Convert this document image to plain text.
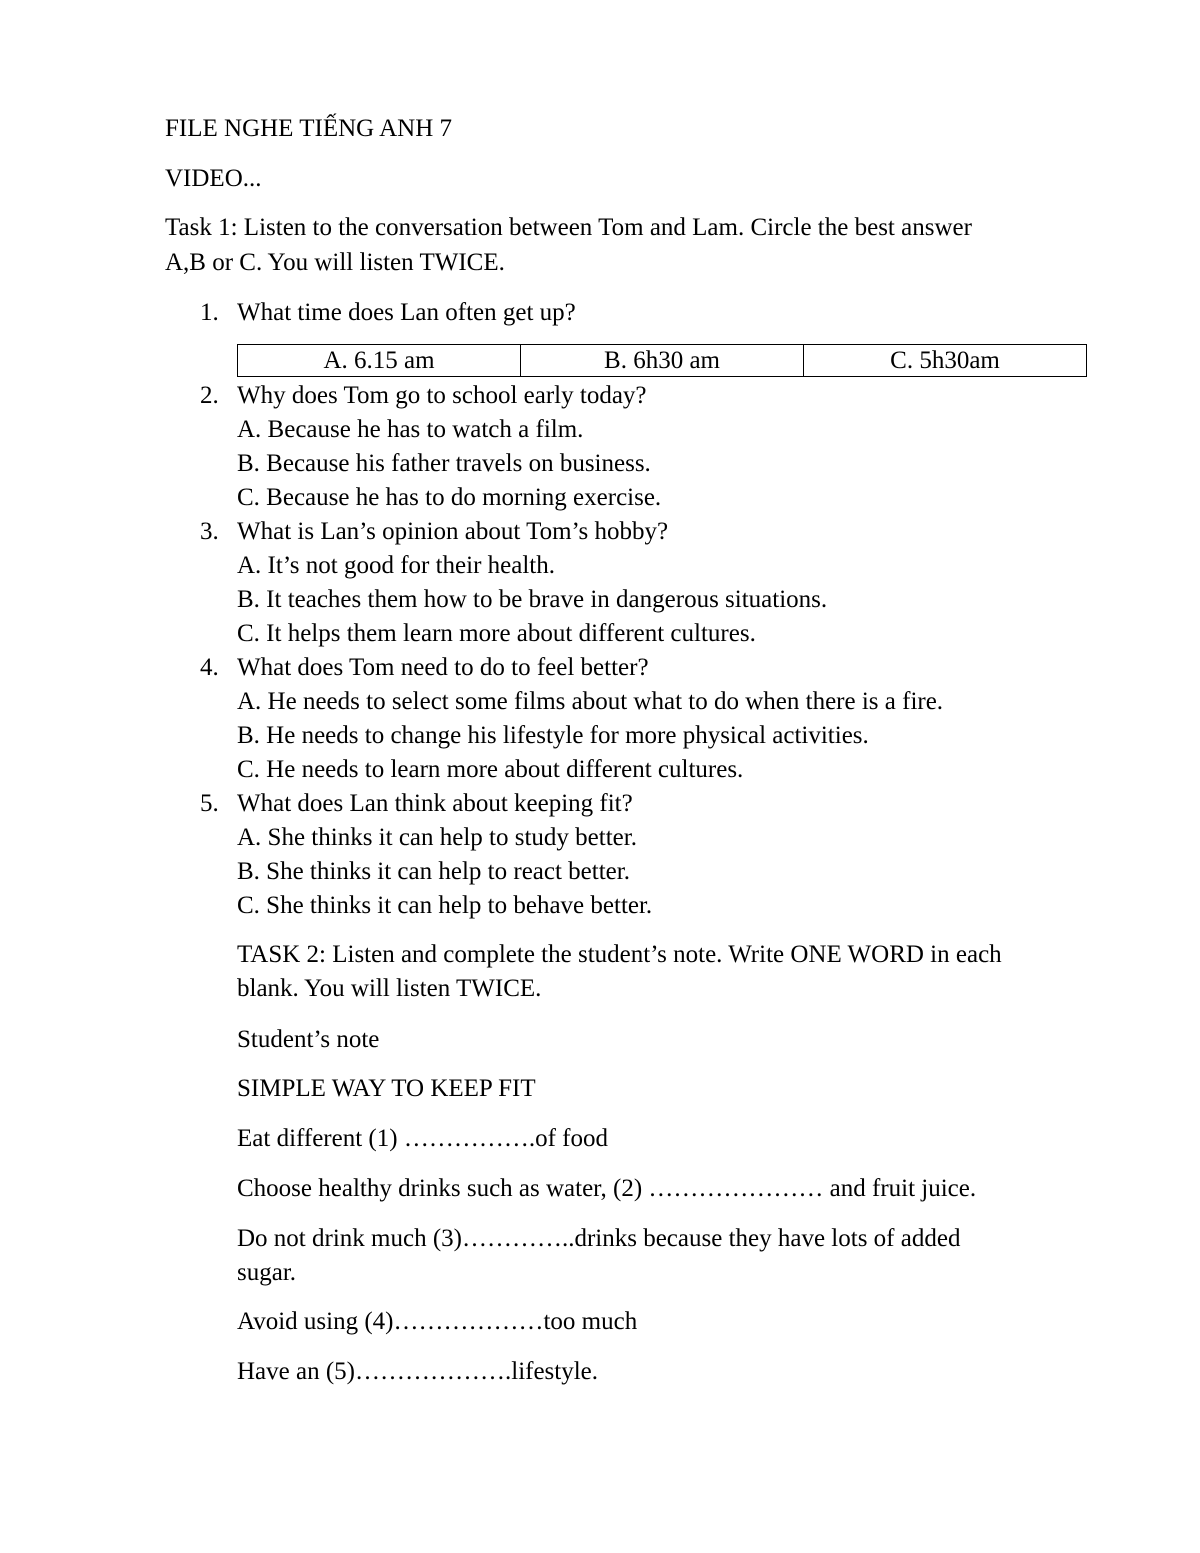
FILE NGHE TIẾNG ANH 7
VIDEO...
Task 1: Listen to the conversation between Tom and Lam. Circle the best answer
A,B or C. You will listen TWICE.
1. What time does Lan often get up?
A. 6.15 am	B. 6h30 am	C. 5h30am
2. Why does Tom go to school early today?
A. Because he has to watch a film.
B. Because his father travels on business.
C. Because he has to do morning exercise.
3. What is Lan’s opinion about Tom’s hobby?
A. It’s not good for their health.
B. It teaches them how to be brave in dangerous situations.
C. It helps them learn more about different cultures.
4. What does Tom need to do to feel better?
A. He needs to select some films about what to do when there is a fire.
B. He needs to change his lifestyle for more physical activities.
C. He needs to learn more about different cultures.
5. What does Lan think about keeping fit?
A. She thinks it can help to study better.
B. She thinks it can help to react better.
C. She thinks it can help to behave better.
TASK 2: Listen and complete the student’s note. Write ONE WORD in each
blank. You will listen TWICE.
Student’s note
SIMPLE WAY TO KEEP FIT
Eat different (1) …………….of food
Choose healthy drinks such as water, (2) ………………… and fruit juice.
Do not drink much (3)…………..drinks because they have lots of added
sugar.
Avoid using (4)………………too much
Have an (5)……………….lifestyle.
